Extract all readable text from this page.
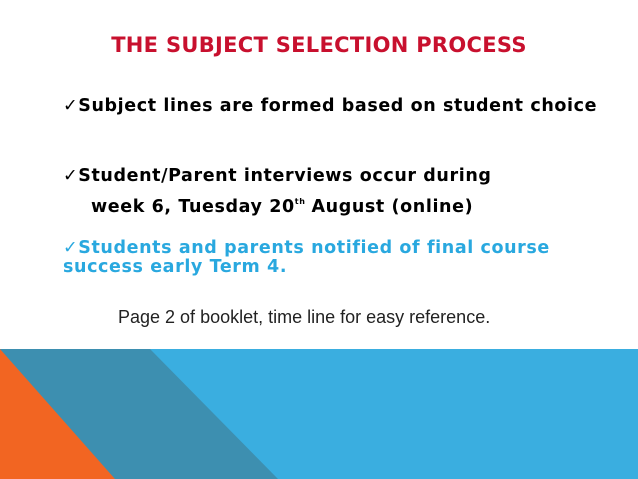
THE SUBJECT SELECTION PROCESS
✓Subject lines are formed based on student choice
✓Student/Parent interviews occur during
week 6, Tuesday 20th August (online)
✓Students and parents notified of final course success early Term 4.
Page 2 of booklet, time line for easy reference.
